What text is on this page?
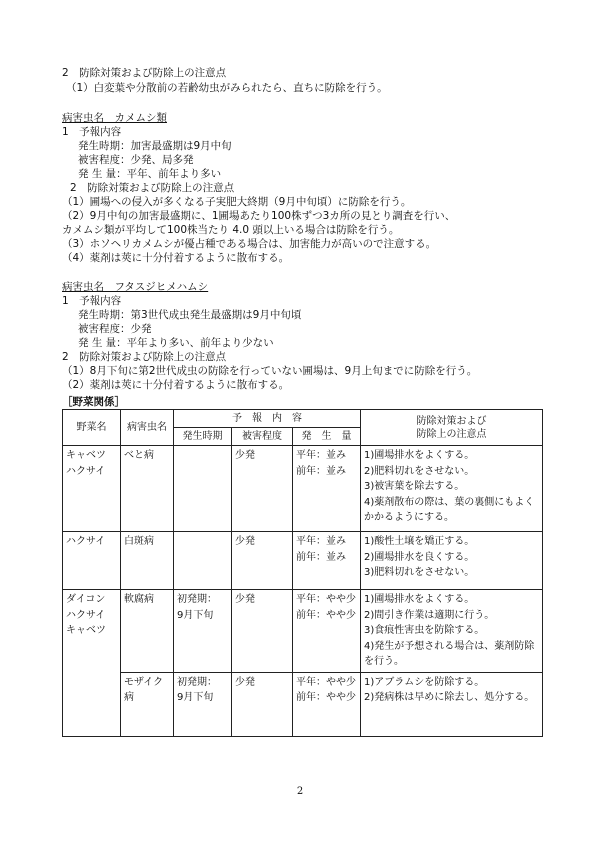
2　防除対策および防除上の注意点
（1）白変葉や分散前の若齢幼虫がみられたら、直ちに防除を行う。
病害虫名　カメムシ類
1　予報内容
発生時期：加害最盛期は9月中旬
被害程度：少発、局多発
発 生 量：平年、前年より多い
2　防除対策および防除上の注意点
（1）圃場への侵入が多くなる子実肥大終期（9月中旬頃）に防除を行う。
（2）9月中旬の加害最盛期に、1圃場あたり100株ずつ3カ所の見とり調査を行い、
カメムシ類が平均して100株当たり 4.0 頭以上いる場合は防除を行う。
（3）ホソヘリカメムシが優占種である場合は、加害能力が高いので注意する。
（4）薬剤は莢に十分付着するように散布する。
病害虫名　フタスジヒメハムシ
1　予報内容
発生時期：第3世代成虫発生最盛期は9月中旬頃
被害程度：少発
発 生 量：平年より多い、前年より少ない
2　防除対策および防除上の注意点
（1）8月下旬に第2世代成虫の防除を行っていない圃場は、9月上旬までに防除を行う。
（2）薬剤は莢に十分付着するように散布する。
［野菜関係］
野菜名	病害虫名	予　報　内　容			防除対策および
防除上の注意点

		発生時期	被害程度	発　生　量	

キャベツ
ハクサイ	べと病		少発	平年：並み
前年：並み	1)圃場排水をよくする。
2)肥料切れをさせない。
3)被害葉を除去する。
4)薬剤散布の際は、葉の裏側にもよくかかるようにする。

ハクサイ	白斑病		少発	平年：並み
前年：並み	1)酸性土壌を矯正する。
2)圃場排水を良くする。
3)肥料切れをさせない。

ダイコン
ハクサイ
キャベツ	軟腐病	初発期：
9月下旬	少発	平年：やや少
前年：やや少	1)圃場排水をよくする。
2)間引き作業は適期に行う。
3)食痕性害虫を防除する。
4)発生が予想される場合は、薬剤防除を行う。

	モザイク
病	初発期：
9月下旬	少発	平年：やや少
前年：やや少	1)アブラムシを防除する。
2)発病株は早めに除去し、処分する。
2
